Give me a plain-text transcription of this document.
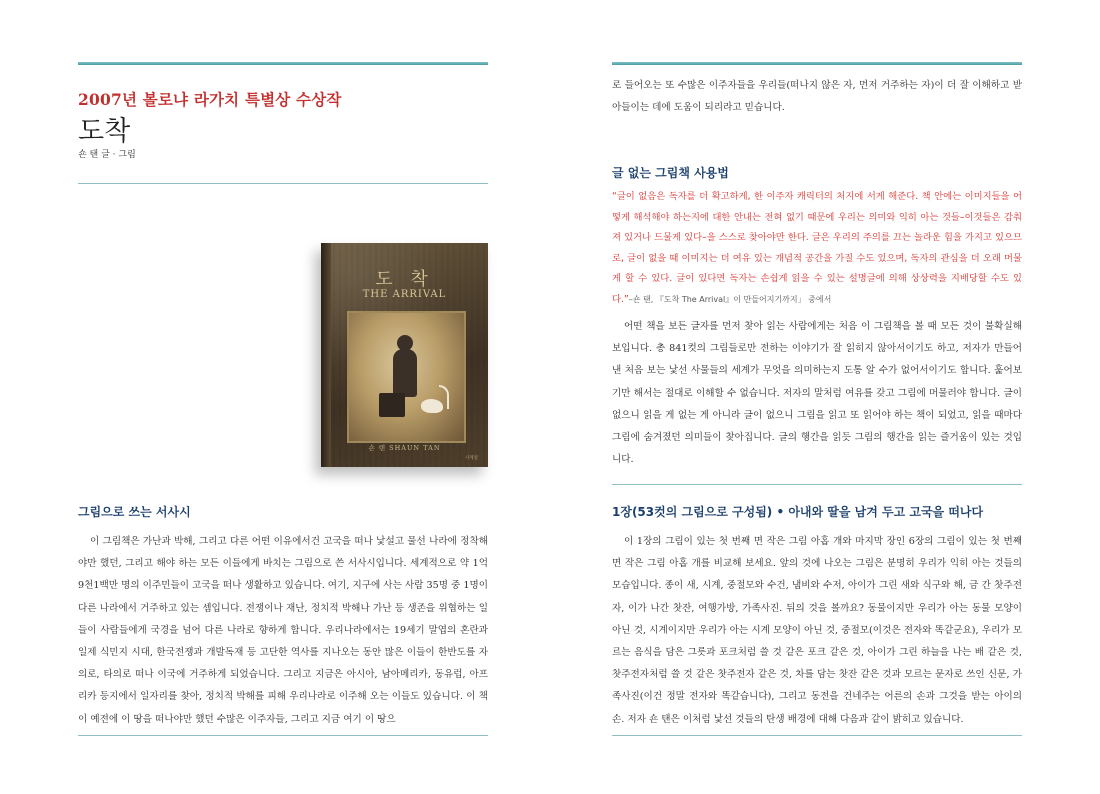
2007년 볼로냐 라가치 특별상 수상작
도착
숀 탠 글 · 그림
도 착
THE ARRIVAL
숀 탠 SHAUN TAN
사계절
그림으로 쓰는 서사시

이 그림책은 가난과 박해, 그리고 다른 어떤 이유에서건 고국을 떠나 낯설고 물선 나라에 정착해야만 했던, 그리고 해야 하는 모든 이들에게 바치는 그림으로 쓴 서사시입니다. 세계적으로 약 1억 9천1백만 명의 이주민들이 고국을 떠나 생활하고 있습니다. 여기, 지구에 사는 사람 35명 중 1명이 다른 나라에서 거주하고 있는 셈입니다. 전쟁이나 재난, 정치적 박해나 가난 등 생존을 위협하는 일들이 사람들에게 국경을 넘어 다른 나라로 향하게 합니다. 우리나라에서는 19세기 말엽의 혼란과 일제 식민지 시대, 한국전쟁과 개발독재 등 고단한 역사를 지나오는 동안 많은 이들이 한반도를 자의로, 타의로 떠나 이국에 거주하게 되었습니다. 그리고 지금은 아시아, 남아메리카, 동유럽, 아프리카 등지에서 일자리를 찾아, 정치적 박해를 피해 우리나라로 이주해 오는 이들도 있습니다. 이 책이 예전에 이 땅을 떠나야만 했던 수많은 이주자들, 그리고 지금 여기 이 땅으

로 들어오는 또 수많은 이주자들을 우리들(떠나지 않은 자, 먼저 거주하는 자)이 더 잘 이해하고 받아들이는 데에 도움이 되리라고 믿습니다.

글 없는 그림책 사용법
“글이 없음은 독자를 더 확고하게, 한 이주자 캐릭터의 처지에 서게 해준다. 책 안에는 이미지들을 어떻게 해석해야 하는지에 대한 안내는 전혀 없기 때문에 우리는 의미와 익히 아는 것들–이것들은 감춰져 있거나 드물게 있다–을 스스로 찾아야만 한다. 글은 우리의 주의를 끄는 놀라운 힘을 가지고 있으므로, 글이 없을 때 이미지는 더 여유 있는 개념적 공간을 가질 수도 있으며, 독자의 관심을 더 오래 머물게 할 수 있다. 글이 있다면 독자는 손쉽게 읽을 수 있는 설명글에 의해 상상력을 지배당할 수도 있다.”–숀 탠, 『도착 The Arrival』이 만들어지기까지」 중에서

어떤 책을 보든 글자를 먼저 찾아 읽는 사람에게는 처음 이 그림책을 볼 때 모든 것이 불확실해 보입니다. 총 841컷의 그림들로만 전하는 이야기가 잘 읽히지 않아서이기도 하고, 저자가 만들어낸 처음 보는 낯선 사물들의 세계가 무엇을 의미하는지 도통 알 수가 없어서이기도 합니다. 훑어보기만 해서는 절대로 이해할 수 없습니다. 저자의 말처럼 여유를 갖고 그림에 머물러야 합니다. 글이 없으니 읽을 게 없는 게 아니라 글이 없으니 그림을 읽고 또 읽어야 하는 책이 되었고, 읽을 때마다 그림에 숨겨졌던 의미들이 찾아집니다. 글의 행간을 읽듯 그림의 행간을 읽는 즐거움이 있는 것입니다.

1장(53컷의 그림으로 구성됨) • 아내와 딸을 남겨 두고 고국을 떠나다

이 1장의 그림이 있는 첫 번째 면 작은 그림 아홉 개와 마지막 장인 6장의 그림이 있는 첫 번째 면 작은 그림 아홉 개를 비교해 보세요. 앞의 것에 나오는 그림은 분명히 우리가 익히 아는 것들의 모습입니다. 종이 새, 시계, 중절모와 수건, 냄비와 수저, 아이가 그린 새와 식구와 해, 금 간 찻주전자, 이가 나간 찻잔, 여행가방, 가족사진. 뒤의 것을 볼까요? 동물이지만 우리가 아는 동물 모양이 아닌 것, 시계이지만 우리가 아는 시계 모양이 아닌 것, 중절모(이것은 전자와 똑같군요), 우리가 모르는 음식을 담은 그릇과 포크처럼 쓸 것 같은 포크 같은 것, 아이가 그린 하늘을 나는 배 같은 것, 찻주전자처럼 쓸 것 같은 찻주전자 같은 것, 차를 담는 찻잔 같은 것과 모르는 문자로 쓰인 신문, 가족사진(이건 정말 전자와 똑같습니다), 그리고 동전을 건네주는 어른의 손과 그것을 받는 아이의 손. 저자 숀 탠은 이처럼 낯선 것들의 탄생 배경에 대해 다음과 같이 밝히고 있습니다.
